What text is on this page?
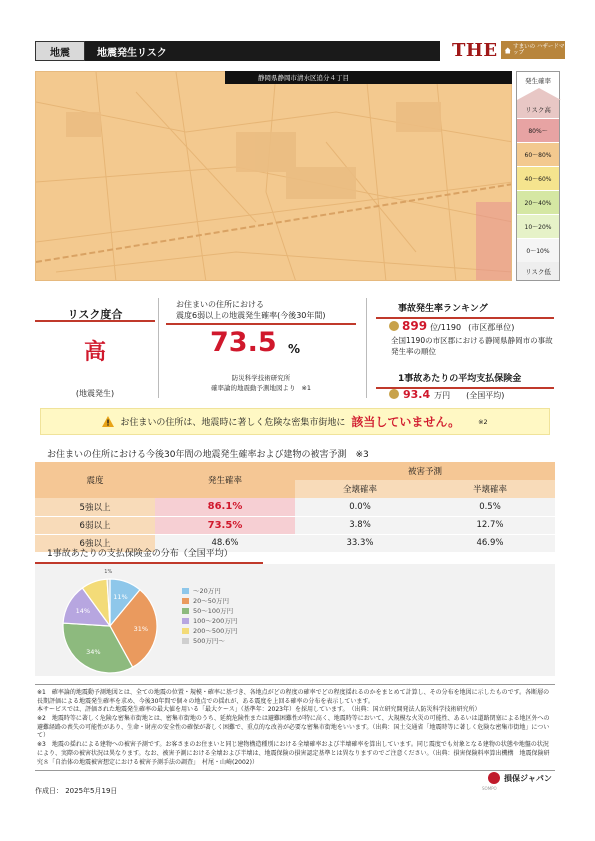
地震	地震発生リスク	THE	すまいの ハザードマップ
静岡県静岡市清水区追分４丁目	発生確率
リスク高
80%〜
60〜80%
40〜60%
20〜40%
10〜20%
0〜10%
リスク低
リスク度合
高
(地震発生)
お住まいの住所における
震度6弱以上の地震発生確率(今後30年間)
73.5 %
防災科学技術研究所
確率論的地震動予測地図より ※1
事故発生率ランキング
899 位/1190 (市区郡単位)
全国1190の市区郡における静岡県静岡市の事故発生率の順位
1事故あたりの平均支払保険金
93.4 万円 (全国平均)
お住まいの住所は、地震時に著しく危険な密集市街地に 該当していません。	※2
お住まいの住所における今後30年間の地震発生確率および建物の被害予測　※3
震度	発生確率	被害予測	
		全壊確率	半壊確率
5強以上	86.1%	0.0%	0.5%
6弱以上	73.5%	3.8%	12.7%
6強以上	48.6%	33.3%	46.9%
1事故あたりの支払保険金の分布（全国平均）
11%
31%
34%
14%
1%
〜20万円
20〜50万円
50〜100万円
100〜200万円
200〜500万円
500万円〜
※1　確率論的地震動予測地図とは、全ての地震の位置・規模・確率に基づき、各地点がどの程度の確率でどの程度揺れるのかをまとめて計算し、その分布を地図に示したものです。各断層の長期評価による地震発生確率を求め、今後30年間で個々の地点での揺れが、ある震度を上回る確率の分布を表示しています。
本サービスでは、評価された地震発生確率の最大値を用いる「最大ケース」（基準年：2023年）を採用しています。　（出典：国立研究開発法人防災科学技術研究所）
※2　地震時等に著しく危険な密集市街地とは、密集市街地のうち、延焼危険性または避難困難性が特に高く、地震時等において、大規模な火災の可能性、あるいは道路閉塞による地区外への避難経路の喪失の可能性があり、生命・財産の安全性の確保が著しく困難で、重点的な改善が必要な密集市街地をいいます。（出典：国土交通省「地震時等に著しく危険な密集市街地」について）
※3　地震の揺れによる建物への被害予測です。お客さまのお住まいと同じ建物構造種別における全壊確率および半壊確率を算出しています。同じ震度でも対象となる建物の状態や地盤の状況により、実際の被害状況は異なります。なお、被害予測における全壊および半壊は、地震保険の損害認定基準とは異なりますのでご注意ください。（出典：損害保険料率算出機構　地震保険研究８「自治体の地震被害想定における被害予測手法の調査」　村尾・山崎(2002)）
作成日： 2025年5月19日
損保ジャパン
SOMPO
